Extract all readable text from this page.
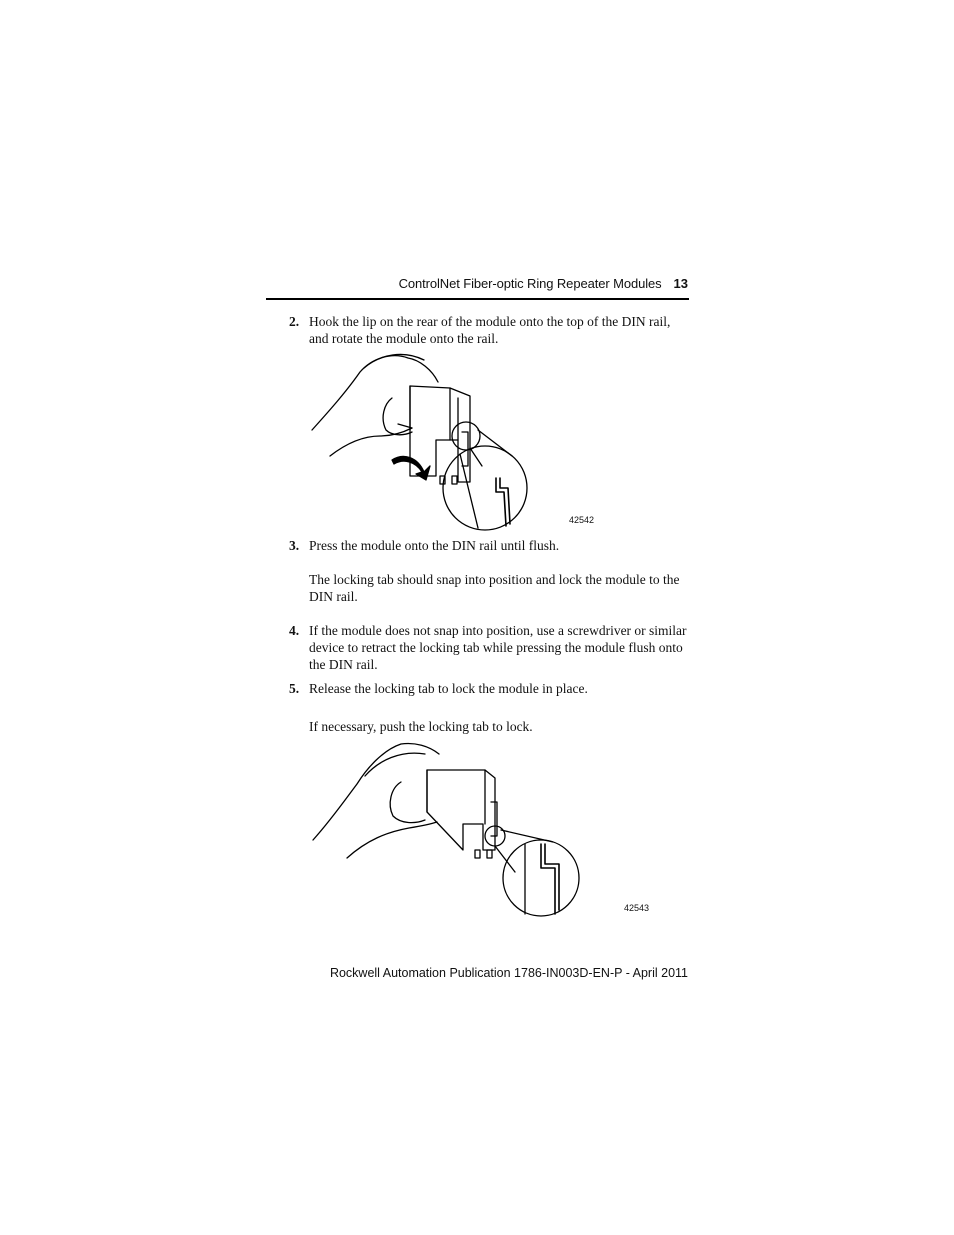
ControlNet Fiber-optic Ring Repeater Modules 13
2. Hook the lip on the rear of the module onto the top of the DIN rail, and rotate the module onto the rail.
42542
3. Press the module onto the DIN rail until flush.
The locking tab should snap into position and lock the module to the DIN rail.
4. If the module does not snap into position, use a screwdriver or similar device to retract the locking tab while pressing the module flush onto the DIN rail.
5. Release the locking tab to lock the module in place.
If necessary, push the locking tab to lock.
42543
Rockwell Automation Publication 1786-IN003D-EN-P - April 2011
